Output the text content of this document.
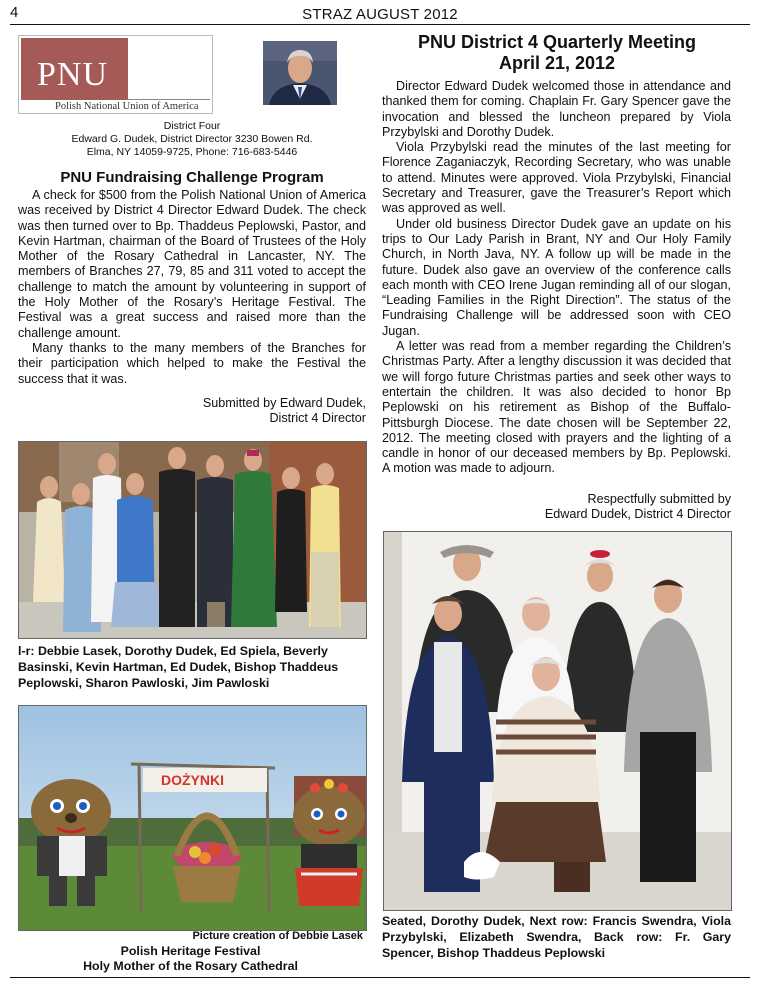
4	STRAZ AUGUST 2012
PNU
Polish National Union of America
District Four
Edward G. Dudek, District Director 3230 Bowen Rd.
Elma, NY 14059-9725, Phone: 716-683-5446
PNU Fundraising Challenge Program

A check for $500 from the Polish National Union of America was received by District 4 Director Edward Dudek. The check was then turned over to Bp. Thaddeus Peplowski, Pastor, and Kevin Hartman, chairman of the Board of Trustees of the Holy Mother of the Rosary Cathedral in Lancaster, NY. The members of Branches 27, 79, 85 and 311 voted to accept the challenge to match the amount by volunteering in support of the Holy Mother of the Rosary’s Heritage Festival. The Festival was a great success and raised more than the challenge amount.

Many thanks to the many members of the Branches for their participation which helped to make the Festival the success that it was.

Submitted by Edward Dudek,
District 4 Director
l-r: Debbie Lasek, Dorothy Dudek, Ed Spiela, Beverly Basinski, Kevin Hartman, Ed Dudek, Bishop Thaddeus Peplowski, Sharon Pawloski, Jim Pawloski
DOŻYNKI
Picture creation of Debbie Lasek
Polish Heritage Festival
Holy Mother of the Rosary Cathedral
PNU District 4 Quarterly Meeting
April 21, 2012

Director Edward Dudek welcomed those in attendance and thanked them for coming. Chaplain Fr. Gary Spencer gave the invocation and blessed the luncheon prepared by Viola Przybylski and Dorothy Dudek.

Viola Przybylski read the minutes of the last meeting for Florence Zaganiaczyk, Recording Secretary, who was unable to attend. Minutes were approved. Viola Przybylski, Financial Secretary and Treasurer, gave the Treasurer’s Report which was approved as well.

Under old business Director Dudek gave an update on his trips to Our Lady Parish in Brant, NY and Our Holy Family Church, in North Java, NY. A follow up will be made in the future. Dudek also gave an overview of the conference calls each month with CEO Irene Jugan reminding all of our slogan, “Leading Families in the Right Direction”. The status of the Fundraising Challenge will be addressed soon with CEO Jugan.

A letter was read from a member regarding the Children’s Christmas Party. After a lengthy discussion it was decided that we will forgo future Christmas parties and seek other ways to entertain the children. It was also decided to honor Bp Peplowski on his retirement as Bishop of the Buffalo-Pittsburgh Diocese. The date chosen will be September 22, 2012. The meeting closed with prayers and the lighting of a candle in honor of our deceased members by Bp. Peplowski. A motion was made to adjourn.

Respectfully submitted by
Edward Dudek, District 4 Director
Seated, Dorothy Dudek, Next row: Francis Swendra, Viola Przybylski, Elizabeth Swendra, Back row: Fr. Gary Spencer, Bishop Thaddeus Peplowski
